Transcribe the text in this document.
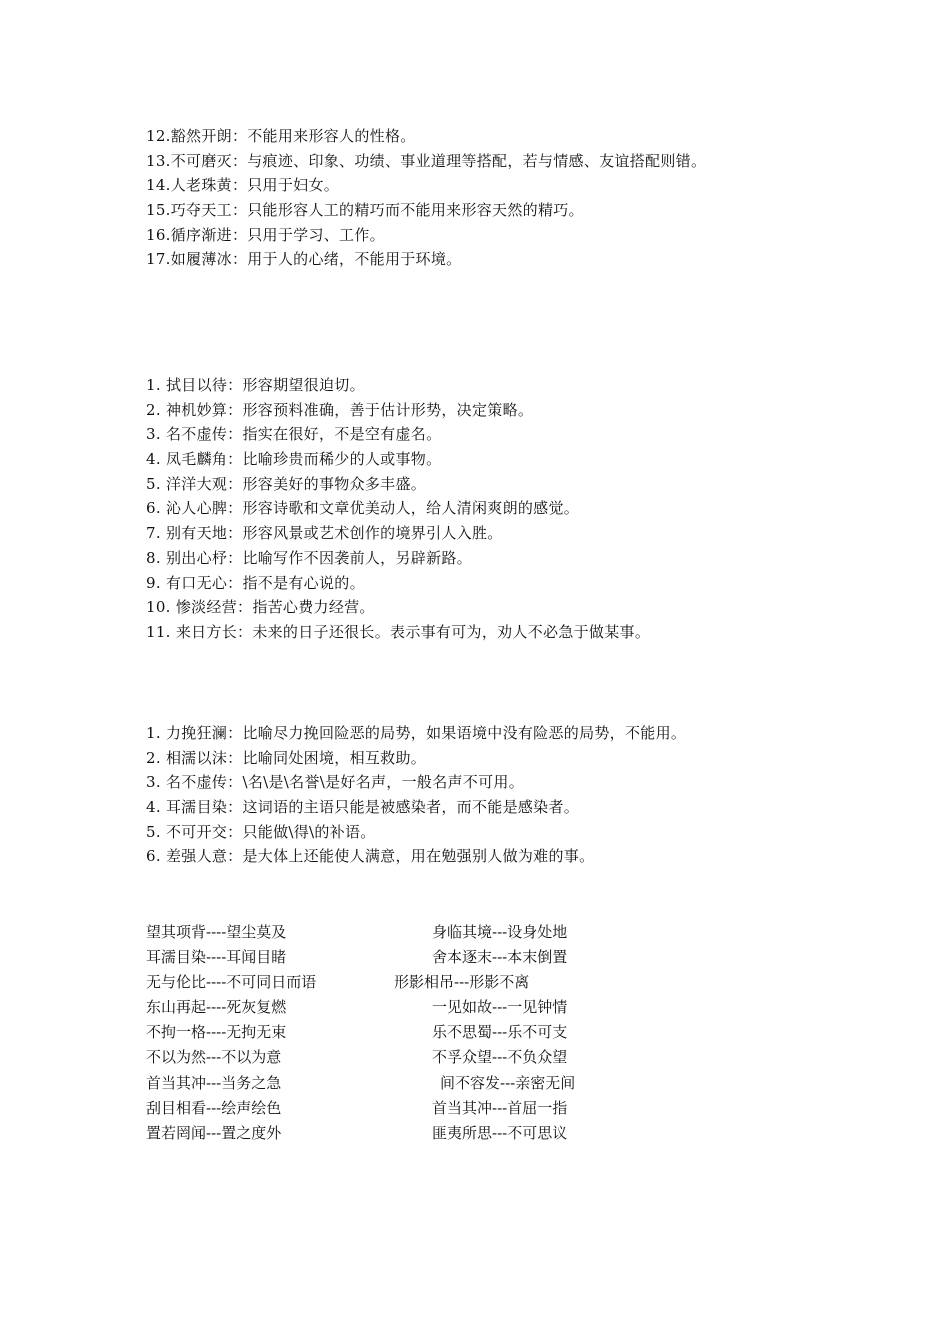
12.豁然开朗：不能用来形容人的性格。
13.不可磨灭：与痕迹、印象、功绩、事业道理等搭配，若与情感、友谊搭配则错。
14.人老珠黄：只用于妇女。
15.巧夺天工：只能形容人工的精巧而不能用来形容天然的精巧。
16.循序渐进：只用于学习、工作。
17.如履薄冰：用于人的心绪，不能用于环境。
1. 拭目以待：形容期望很迫切。
2. 神机妙算：形容预料准确，善于估计形势，决定策略。
3. 名不虚传：指实在很好，不是空有虚名。
4. 凤毛麟角：比喻珍贵而稀少的人或事物。
5. 洋洋大观：形容美好的事物众多丰盛。
6. 沁人心脾：形容诗歌和文章优美动人，给人清闲爽朗的感觉。
7. 别有天地：形容风景或艺术创作的境界引人入胜。
8. 别出心杼：比喻写作不因袭前人，另辟新路。
9. 有口无心：指不是有心说的。
10. 惨淡经营：指苦心费力经营。
11. 来日方长：未来的日子还很长。表示事有可为，劝人不必急于做某事。
1. 力挽狂澜：比喻尽力挽回险恶的局势，如果语境中没有险恶的局势，不能用。
2. 相濡以沫：比喻同处困境，相互救助。
3. 名不虚传：\名\是\名誉\是好名声，一般名声不可用。
4. 耳濡目染：这词语的主语只能是被感染者，而不能是感染者。
5. 不可开交：只能做\得\的补语。
6. 差强人意：是大体上还能使人满意，用在勉强别人做为难的事。
望其项背----望尘莫及	身临其境---设身处地
耳濡目染----耳闻目睹	舍本逐末---本末倒置
无与伦比----不可同日而语	形影相吊---形影不离
东山再起----死灰复燃	一见如故---一见钟情
不拘一格----无拘无束	乐不思蜀---乐不可支
不以为然---不以为意	不孚众望---不负众望
首当其冲---当务之急	间不容发---亲密无间
刮目相看---绘声绘色	首当其冲---首屈一指
置若罔闻---置之度外	匪夷所思---不可思议
